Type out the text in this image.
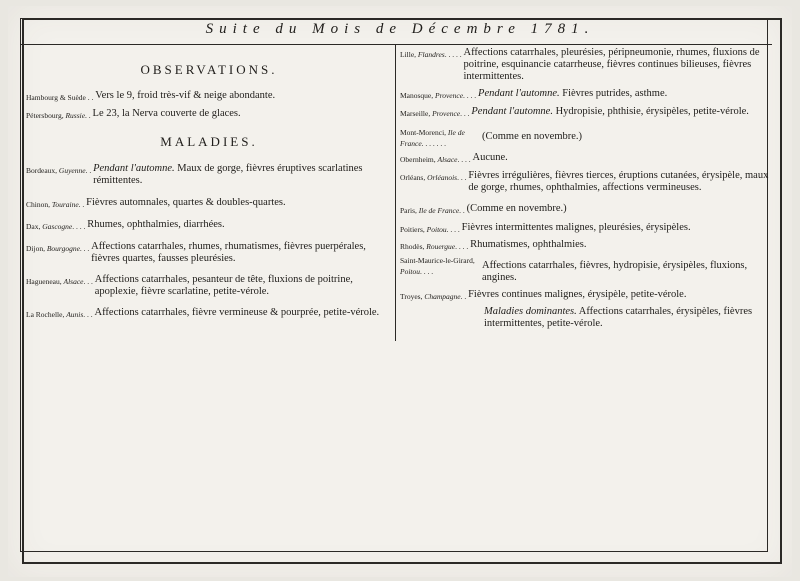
Suite du Mois de Décembre 1781.

OBSERVATIONS.

Hambourg & Suède . . Vers le 9, froid très-vif & neige abondante.
Pétersbourg, Russie. . Le 23, la Nerva couverte de glaces.

MALADIES.

Bordeaux, Guyenne. . Pendant l'automne. Maux de gorge, fièvres éruptives scarlatines rémittentes.
Chinon, Touraine. . Fièvres automnales, quartes & doubles-quartes.
Dax, Gascogne. . . . Rhumes, ophthalmies, diarrhées.
Dijon, Bourgogne. . . Affections catarrhales, rhumes, rhumatismes, fièvres puerpérales, fièvres quartes, fausses pleurésies.
Hagueneau, Alsace. . . Affections catarrhales, pesanteur de tête, fluxions de poitrine, apoplexie, fièvre scarlatine, petite-vérole.
La Rochelle, Aunis. . . Affections catarrhales, fièvre vermineuse & pourprée, petite-vérole.
Lille, Flandres. . . . . Affections catarrhales, pleurésies, péripneumonie, rhumes, fluxions de poitrine, esquinancie catarrheuse, fièvres continues bilieuses, fièvres intermittentes.
Manosque, Provence. . . . Pendant l'automne. Fièvres putrides, asthme.
Marseille, Provence. . . Pendant l'automne. Hydropisie, phthisie, érysipèles, petite-vérole.
Mont-Morenci, Ile de France. . . . . . .
(Comme en novembre.)
Obernheim, Alsace. . . . Aucune.
Orléans, Orléanois. . . Fièvres irrégulières, fièvres tierces, éruptions cutanées, érysipèle, maux de gorge, rhumes, ophthalmies, affections vermineuses.
Paris, Ile de France. . (Comme en novembre.)
Poitiers, Poitou. . . . Fièvres intermittentes malignes, pleurésies, érysipèles.
Rhodès, Rouergue. . . . Rhumatismes, ophthalmies.
Saint-Maurice-le-Girard, Poitou. . . .
Affections catarrhales, fièvres, hydropisie, érysipèles, fluxions, angines.
Troyes, Champagne. . Fièvres continues malignes, érysipèle, petite-vérole.
Maladies dominantes. Affections catarrhales, érysipèles, fièvres intermittentes, petite-vérole.
